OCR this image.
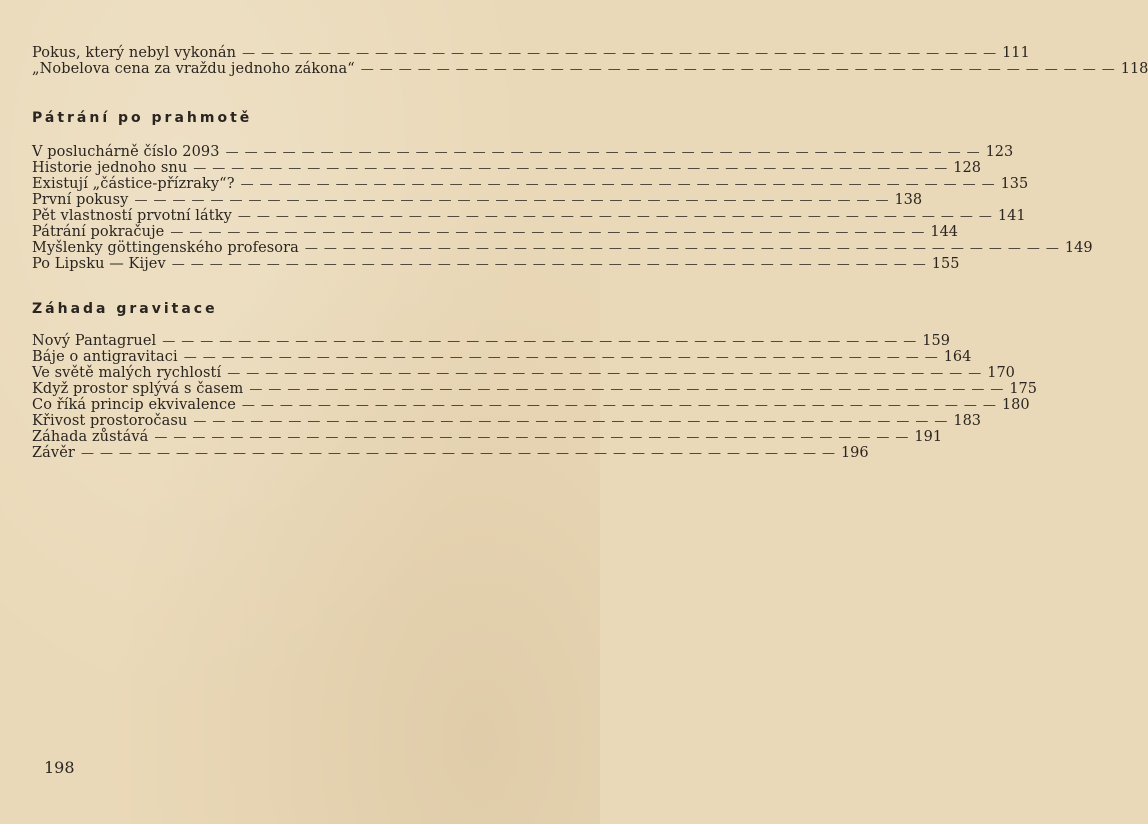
Pokus, který nebyl vykonán ———————————————————————————————————————— 111
„Nobelova cena za vraždu jednoho zákona“ ———————————————————————————————————————— 118
Pátrání po prahmotě
V posluchárně číslo 2093 ———————————————————————————————————————— 123
Historie jednoho snu ———————————————————————————————————————— 128
Existují „částice-přízraky“? ———————————————————————————————————————— 135
První pokusy ———————————————————————————————————————— 138
Pět vlastností prvotní látky ———————————————————————————————————————— 141
Pátrání pokračuje ———————————————————————————————————————— 144
Myšlenky göttingenského profesora ———————————————————————————————————————— 149
Po Lipsku — Kijev ———————————————————————————————————————— 155
Záhada gravitace
Nový Pantagruel ———————————————————————————————————————— 159
Báje o antigravitaci ———————————————————————————————————————— 164
Ve světě malých rychlostí ———————————————————————————————————————— 170
Když prostor splývá s časem ———————————————————————————————————————— 175
Co říká princip ekvivalence ———————————————————————————————————————— 180
Křivost prostoročasu ———————————————————————————————————————— 183
Záhada zůstává ———————————————————————————————————————— 191
Závěr ———————————————————————————————————————— 196
198
